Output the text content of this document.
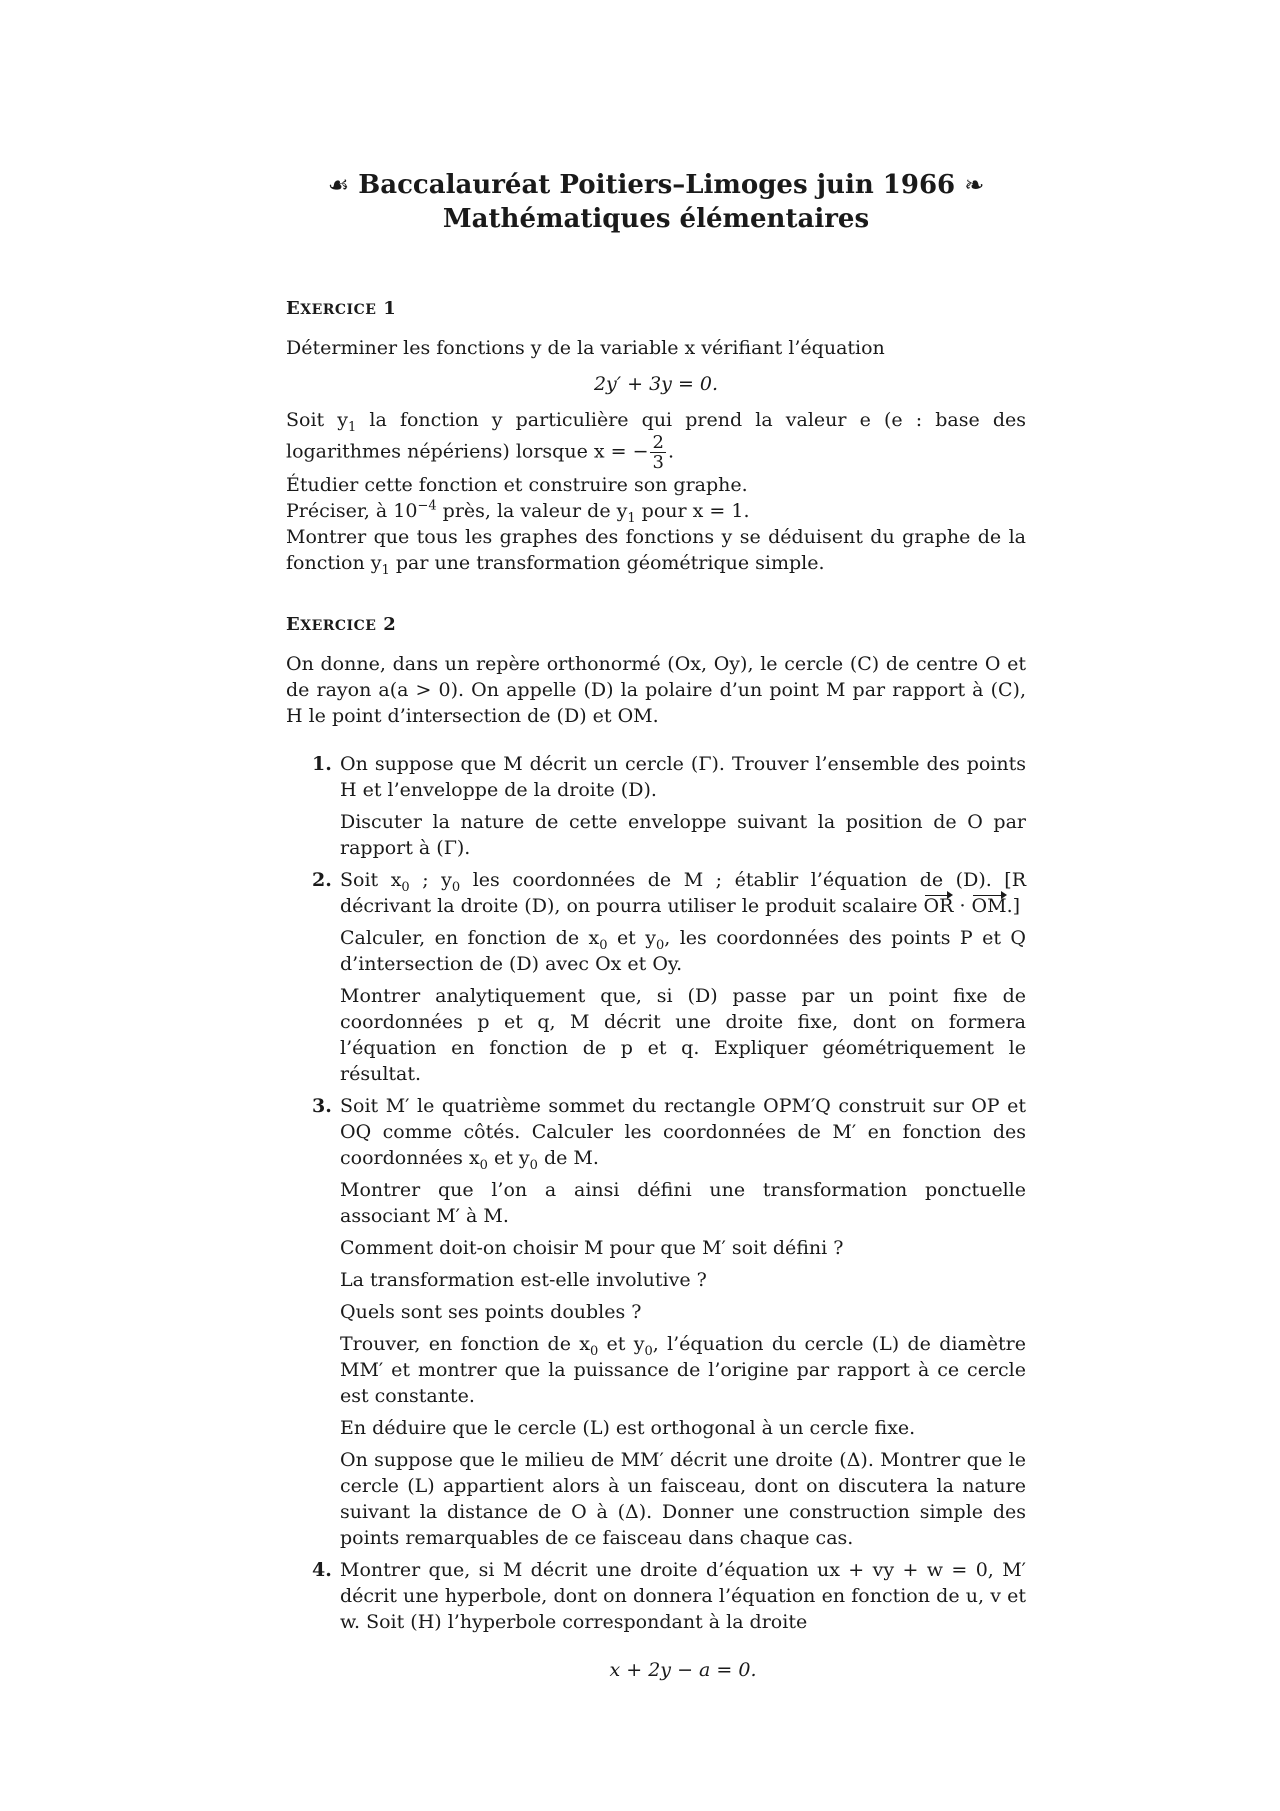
☙ Baccalauréat Poitiers–Limoges juin 1966 ❧
Mathématiques élémentaires
EXERCICE 1

Déterminer les fonctions y de la variable x vérifiant l’équation

2y′ + 3y = 0.

Soit $y_1$ la fonction y particulière qui prend la valeur e (e : base des logarithmes népériens) lorsque x = − $\frac{2}{3}$ .

Étudier cette fonction et construire son graphe.

Préciser, à $10^{-4}$ près, la valeur de $y_1$ pour x = 1.

Montrer que tous les graphes des fonctions y se déduisent du graphe de la fonction $y_1$ par une transformation géométrique simple.

EXERCICE 2

On donne, dans un repère orthonormé (Ox, Oy), le cercle (C) de centre O et de rayon a(a > 0). On appelle (D) la polaire d’un point M par rapport à (C), H le point d’intersection de (D) et OM.

1. On suppose que M décrit un cercle (Γ). Trouver l’ensemble des points H et l’enveloppe de la droite (D).

Discuter la nature de cette enveloppe suivant la position de O par rapport à (Γ).

2. Soit $x_0$ ; $y_0$ les coordonnées de M ; établir l’équation de (D). [R décrivant la droite (D), on pourra utiliser le produit scalaire OR · OM.]

Calculer, en fonction de $x_0$ et $y_0$, les coordonnées des points P et Q d’intersection de (D) avec Ox et Oy.

Montrer analytiquement que, si (D) passe par un point fixe de coordonnées p et q, M décrit une droite fixe, dont on formera l’équation en fonction de p et q. Expliquer géométriquement le résultat.

3. Soit M′ le quatrième sommet du rectangle OPM′Q construit sur OP et OQ comme côtés. Calculer les coordonnées de M′ en fonction des coordonnées $x_0$ et $y_0$ de M.

Montrer que l’on a ainsi défini une transformation ponctuelle associant M′ à M.

Comment doit-on choisir M pour que M′ soit défini ?

La transformation est-elle involutive ?

Quels sont ses points doubles ?

Trouver, en fonction de $x_0$ et $y_0$, l’équation du cercle (L) de diamètre MM′ et montrer que la puissance de l’origine par rapport à ce cercle est constante.

En déduire que le cercle (L) est orthogonal à un cercle fixe.

On suppose que le milieu de MM′ décrit une droite (Δ). Montrer que le cercle (L) appartient alors à un faisceau, dont on discutera la nature suivant la distance de O à (Δ). Donner une construction simple des points remarquables de ce faisceau dans chaque cas.

4. Montrer que, si M décrit une droite d’équation ux + vy + w = 0, M′ décrit une hyperbole, dont on donnera l’équation en fonction de u, v et w. Soit (H) l’hyperbole correspondant à la droite

x + 2y − a = 0.
